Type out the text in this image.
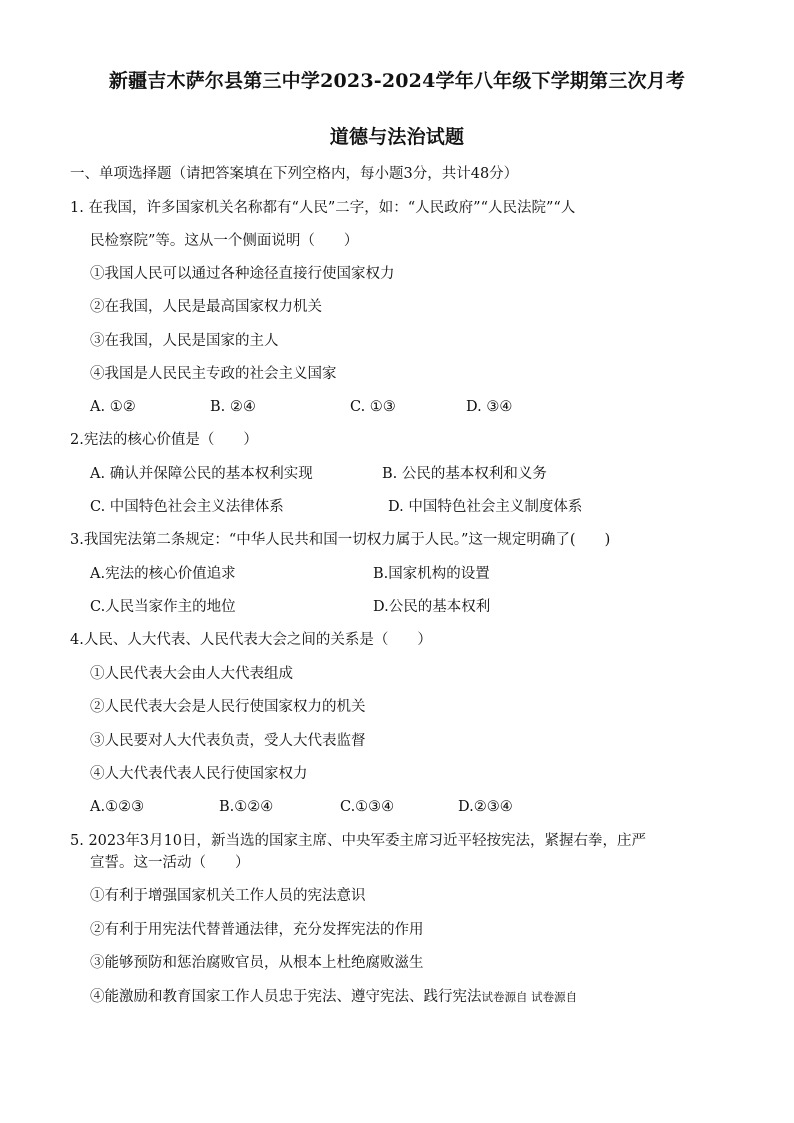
新疆吉木萨尔县第三中学2023-2024学年八年级下学期第三次月考
道德与法治试题
一、单项选择题（请把答案填在下列空格内，每小题3分，共计48分）
1. 在我国，许多国家机关名称都有“人民”二字，如：“人民政府”“人民法院”“人
民检察院”等。这从一个侧面说明（　　）
①我国人民可以通过各种途径直接行使国家权力
②在我国，人民是最高国家权力机关
③在我国，人民是国家的主人
④我国是人民民主专政的社会主义国家
A. ①②	B. ②④	C. ①③	D. ③④
2.宪法的核心价值是（　　）
A. 确认并保障公民的基本权利实现	B. 公民的基本权利和义务
C. 中国特色社会主义法律体系	D. 中国特色社会主义制度体系
3.我国宪法第二条规定：“中华人民共和国一切权力属于人民。”这一规定明确了(　　)
A.宪法的核心价值追求	B.国家机构的设置
C.人民当家作主的地位	D.公民的基本权利
4.人民、人大代表、人民代表大会之间的关系是（　　）
①人民代表大会由人大代表组成
②人民代表大会是人民行使国家权力的机关
③人民要对人大代表负责，受人大代表监督
④人大代表代表人民行使国家权力
A.①②③	B.①②④	C.①③④	D.②③④
5. 2023年3月10日，新当选的国家主席、中央军委主席习近平轻按宪法，紧握右拳，庄严
宣誓。这一活动（　　）
①有利于增强国家机关工作人员的宪法意识
②有利于用宪法代替普通法律，充分发挥宪法的作用
③能够预防和惩治腐败官员，从根本上杜绝腐败滋生
④能激励和教育国家工作人员忠于宪法、遵守宪法、践行宪法试卷源自 试卷源自
